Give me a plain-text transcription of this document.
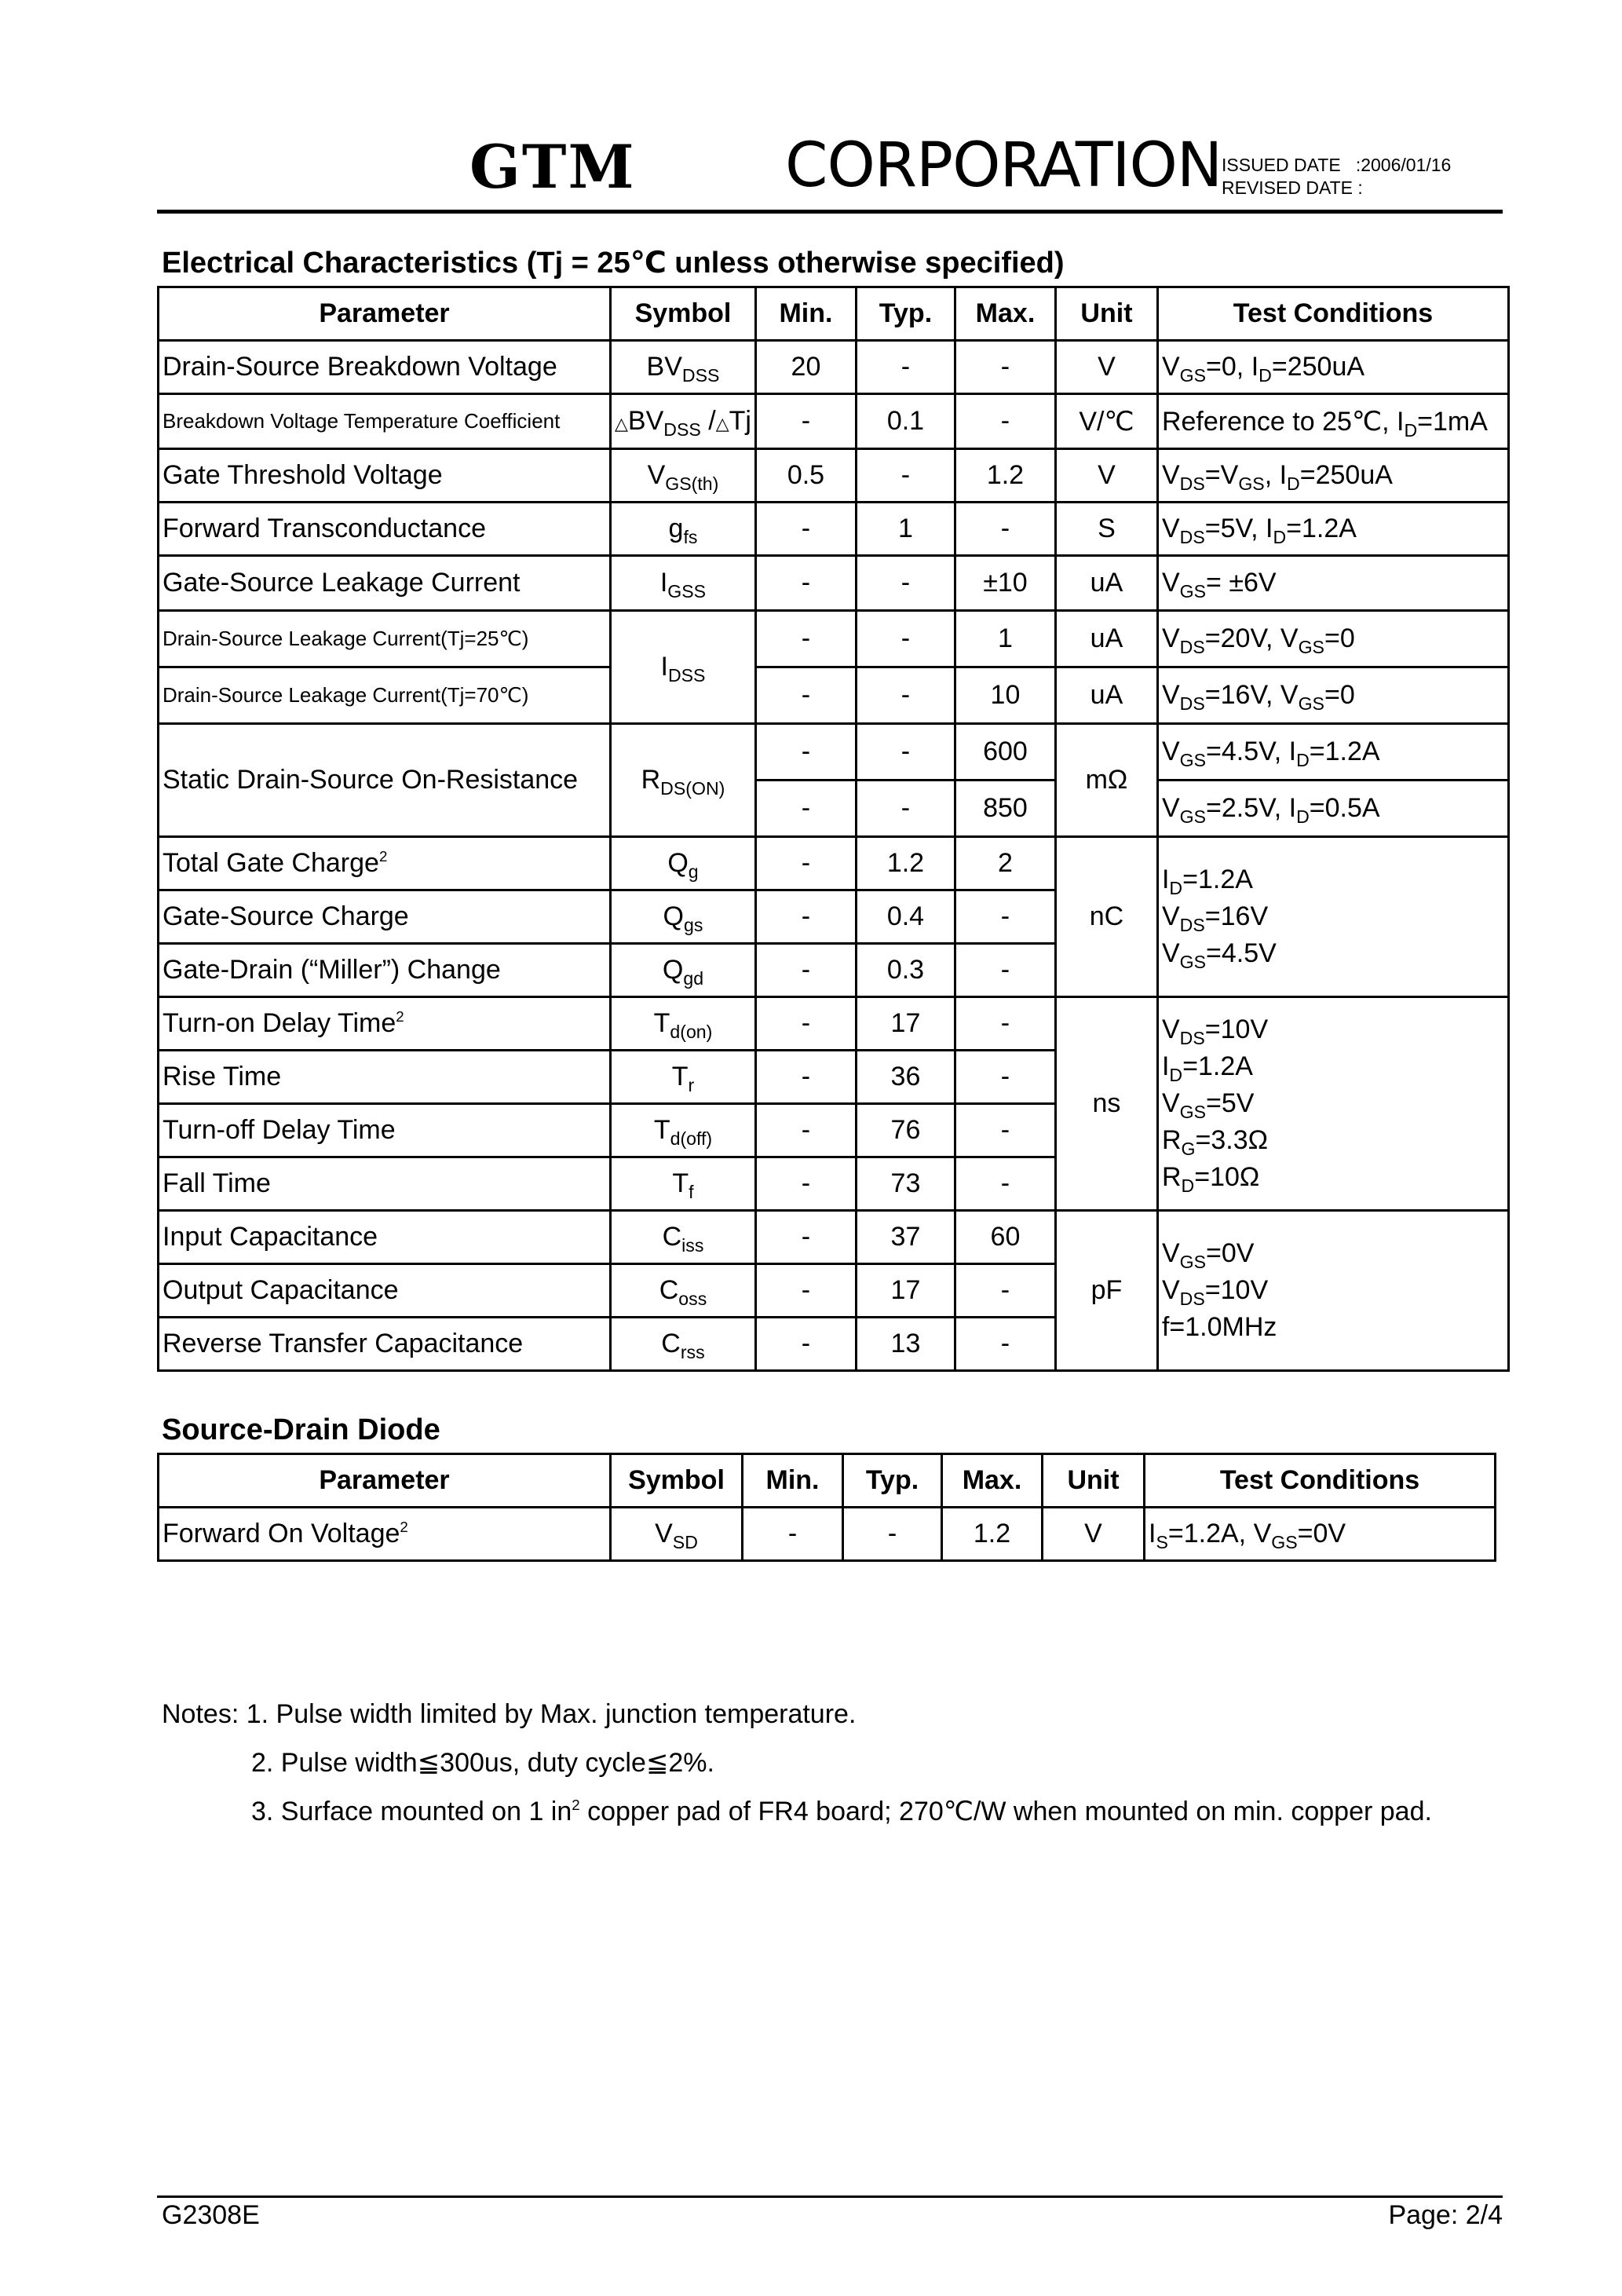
GTM CORPORATION ISSUED DATE :2006/01/16
REVISED DATE :
Electrical Characteristics (Tj = 25℃ unless otherwise specified)
Parameter	Symbol	Min.	Typ.	Max.	Unit	Test Conditions
Drain-Source Breakdown Voltage	$BV_{DSS}$	20	-	-	V	$V_{GS}=0$, $I_D=250uA$
Breakdown Voltage Temperature Coefficient	$\triangle BV_{DSS}$ /△Tj	-	0.1	-	V/℃	Reference to 25℃, $I_D=1mA$
Gate Threshold Voltage	$V_{GS(th)}$	0.5	-	1.2	V	$V_{DS}=V_{GS}$, $I_D=250uA$
Forward Transconductance	$g_{fs}$	-	1	-	S	$V_{DS}=5V$, $I_D=1.2A$
Gate-Source Leakage Current	$I_{GSS}$	-	-	±10	uA	$V_{GS}= \pm 6V$
Drain-Source Leakage Current(Tj=25℃)	$I_{DSS}$	-	-	1	uA	$V_{DS}=20V$, $V_{GS}=0$
Drain-Source Leakage Current(Tj=70℃)		-	-	10	uA	$V_{DS}=16V$, $V_{GS}=0$
Static Drain-Source On-Resistance	$R_{DS(ON)}$	-	-	600	mΩ	$V_{GS}=4.5V$, $I_D=1.2A$
		-	-	850		$V_{GS}=2.5V$, $I_D=0.5A$
Total Gate Charge$^2$	$Q_g$	-	1.2	2	nC	$I_D=1.2A$
$V_{DS}=16V$
$V_{GS}=4.5V$
Gate-Source Charge	$Q_{gs}$	-	0.4	-		
Gate-Drain (“Miller”) Change	$Q_{gd}$	-	0.3	-		
Turn-on Delay Time$^2$	$T_{d(on)}$	-	17	-	ns	$V_{DS}=10V$
$I_D=1.2A$
$V_{GS}=5V$
$R_G=3.3\Omega$
$R_D=10\Omega$
Rise Time	$T_r$	-	36	-		
Turn-off Delay Time	$T_{d(off)}$	-	76	-		
Fall Time	$T_f$	-	73	-		
Input Capacitance	$C_{iss}$	-	37	60	pF	$V_{GS}=0V$
$V_{DS}=10V$
f=1.0MHz
Output Capacitance	$C_{oss}$	-	17	-		
Reverse Transfer Capacitance	$C_{rss}$	-	13	-		
Source-Drain Diode
Parameter	Symbol	Min.	Typ.	Max.	Unit	Test Conditions
Forward On Voltage$^2$	$V_{SD}$	-	-	1.2	V	$I_S=1.2A$, $V_{GS}=0V$
Notes: 1. Pulse width limited by Max. junction temperature.
2. Pulse width≦300us, duty cycle≦2%.
3. Surface mounted on 1 $in^2$ copper pad of FR4 board; 270℃/W when mounted on min. copper pad.
G2308E	Page: 2/4
